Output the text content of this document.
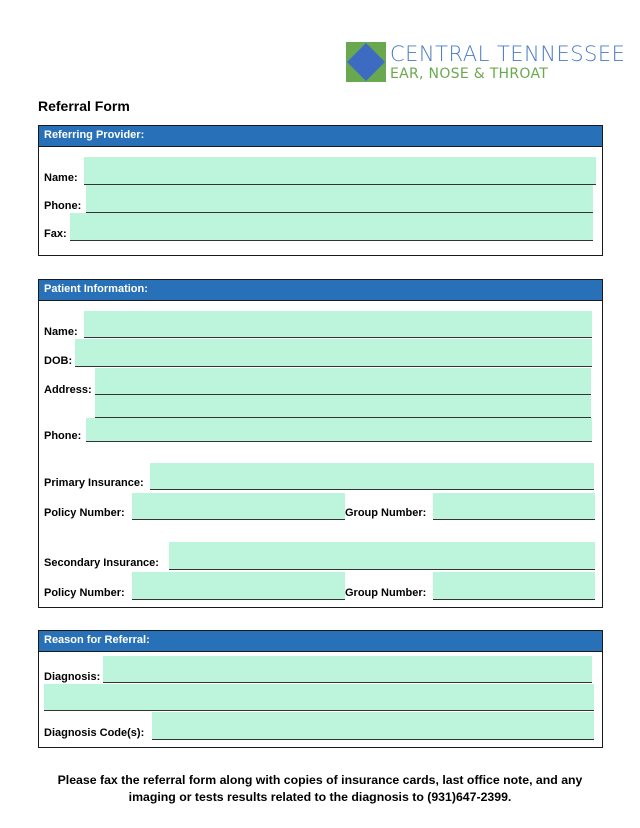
CENTRAL TENNESSEE
EAR, NOSE & THROAT
Referral Form
Referring Provider:
Name:
Phone:
Fax:
Patient Information:
Name:
DOB:
Address:
Phone:
Primary Insurance:
Policy Number:	Group Number:
Secondary Insurance:
Policy Number:	Group Number:
Reason for Referral:
Diagnosis:
Diagnosis Code(s):
Please fax the referral form along with copies of insurance cards, last office note, and any imaging or tests results related to the diagnosis to (931)647-2399.
